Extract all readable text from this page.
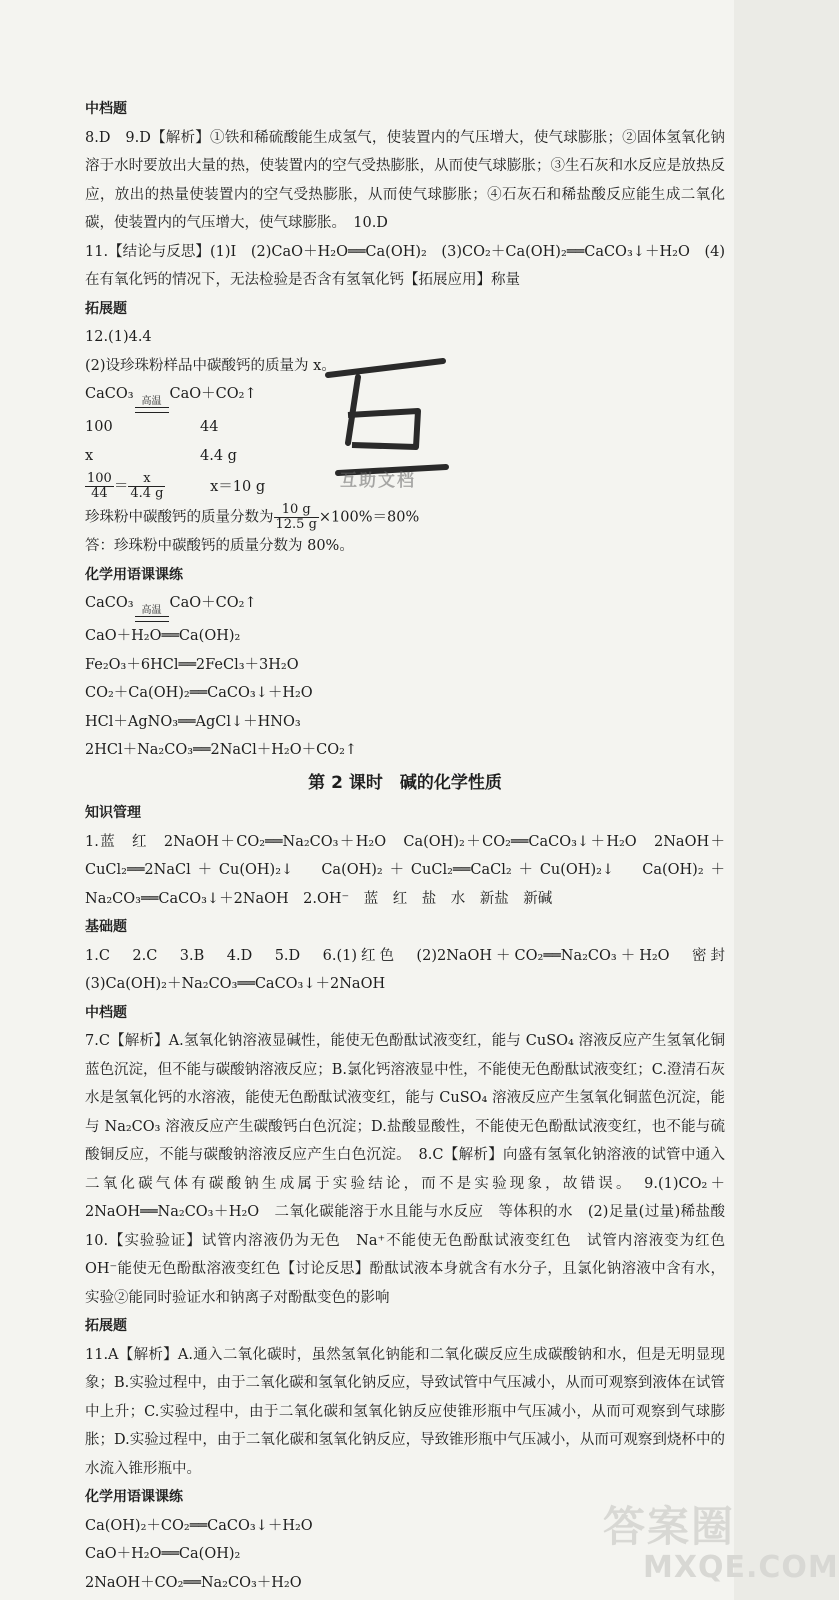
中档题
8.D　9.D【解析】①铁和稀硫酸能生成氢气，使装置内的气压增大，使气球膨胀；②固体氢氧化钠溶于水时要放出大量的热，使装置内的空气受热膨胀，从而使气球膨胀；③生石灰和水反应是放热反应，放出的热量使装置内的空气受热膨胀，从而使气球膨胀；④石灰石和稀盐酸反应能生成二氧化碳，使装置内的气压增大，使气球膨胀。　10.D
11.【结论与反思】(1)Ⅰ　(2)CaO＋H₂O══Ca(OH)₂　(3)CO₂＋Ca(OH)₂══CaCO₃↓＋H₂O　(4)在有氧化钙的情况下，无法检验是否含有氢氧化钙【拓展应用】称量
拓展题
12.(1)4.4
(2)设珍珠粉样品中碳酸钙的质量为 x。
CaCO₃ 高温 CaO＋CO₂↑
100	44
x	4.4 g
$\frac{100}{44} = \frac{x}{4.4 g}$	x＝10 g
珍珠粉中碳酸钙的质量分数为 $\frac{10 g}{12.5 g} \times 100\%=80\%$
答：珍珠粉中碳酸钙的质量分数为 80%。
化学用语课课练
CaCO₃ 高温 CaO＋CO₂↑
CaO＋H₂O══Ca(OH)₂
Fe₂O₃＋6HCl══2FeCl₃＋3H₂O
CO₂＋Ca(OH)₂══CaCO₃↓＋H₂O
HCl＋AgNO₃══AgCl↓＋HNO₃
2HCl＋Na₂CO₃══2NaCl＋H₂O＋CO₂↑
第 2 课时　碱的化学性质
知识管理
1.蓝　红　2NaOH＋CO₂══Na₂CO₃＋H₂O　Ca(OH)₂＋CO₂══CaCO₃↓＋H₂O　2NaOH＋CuCl₂══2NaCl＋Cu(OH)₂↓　Ca(OH)₂＋CuCl₂══CaCl₂＋Cu(OH)₂↓　Ca(OH)₂＋Na₂CO₃══CaCO₃↓＋2NaOH　2.OH⁻　蓝　红　盐　水　新盐　新碱
基础题
1.C　2.C　3.B　4.D　5.D　6.(1)红色　(2)2NaOH＋CO₂══Na₂CO₃＋H₂O　密封　(3)Ca(OH)₂＋Na₂CO₃══CaCO₃↓＋2NaOH
中档题
7.C【解析】A.氢氧化钠溶液显碱性，能使无色酚酞试液变红，能与 CuSO₄ 溶液反应产生氢氧化铜蓝色沉淀，但不能与碳酸钠溶液反应；B.氯化钙溶液显中性，不能使无色酚酞试液变红；C.澄清石灰水是氢氧化钙的水溶液，能使无色酚酞试液变红，能与 CuSO₄ 溶液反应产生氢氧化铜蓝色沉淀，能与 Na₂CO₃ 溶液反应产生碳酸钙白色沉淀；D.盐酸显酸性，不能使无色酚酞试液变红，也不能与硫酸铜反应，不能与碳酸钠溶液反应产生白色沉淀。　8.C【解析】向盛有氢氧化钠溶液的试管中通入二氧化碳气体有碳酸钠生成属于实验结论，而不是实验现象，故错误。　9.(1)CO₂＋2NaOH══Na₂CO₃＋H₂O　二氧化碳能溶于水且能与水反应　等体积的水　(2)足量(过量)稀盐酸　10.【实验验证】试管内溶液仍为无色　Na⁺不能使无色酚酞试液变红色　试管内溶液变为红色　OH⁻能使无色酚酞溶液变红色【讨论反思】酚酞试液本身就含有水分子，且氯化钠溶液中含有水，实验②能同时验证水和钠离子对酚酞变色的影响
拓展题
11.A【解析】A.通入二氧化碳时，虽然氢氧化钠能和二氧化碳反应生成碳酸钠和水，但是无明显现象；B.实验过程中，由于二氧化碳和氢氧化钠反应，导致试管中气压减小，从而可观察到液体在试管中上升；C.实验过程中，由于二氧化碳和氢氧化钠反应使锥形瓶中气压减小，从而可观察到气球膨胀；D.实验过程中，由于二氧化碳和氢氧化钠反应，导致锥形瓶中气压减小，从而可观察到烧杯中的水流入锥形瓶中。
化学用语课课练
Ca(OH)₂＋CO₂══CaCO₃↓＋H₂O
CaO＋H₂O══Ca(OH)₂
2NaOH＋CO₂══Na₂CO₃＋H₂O
互助文档
答案圈
MXQE.COM
